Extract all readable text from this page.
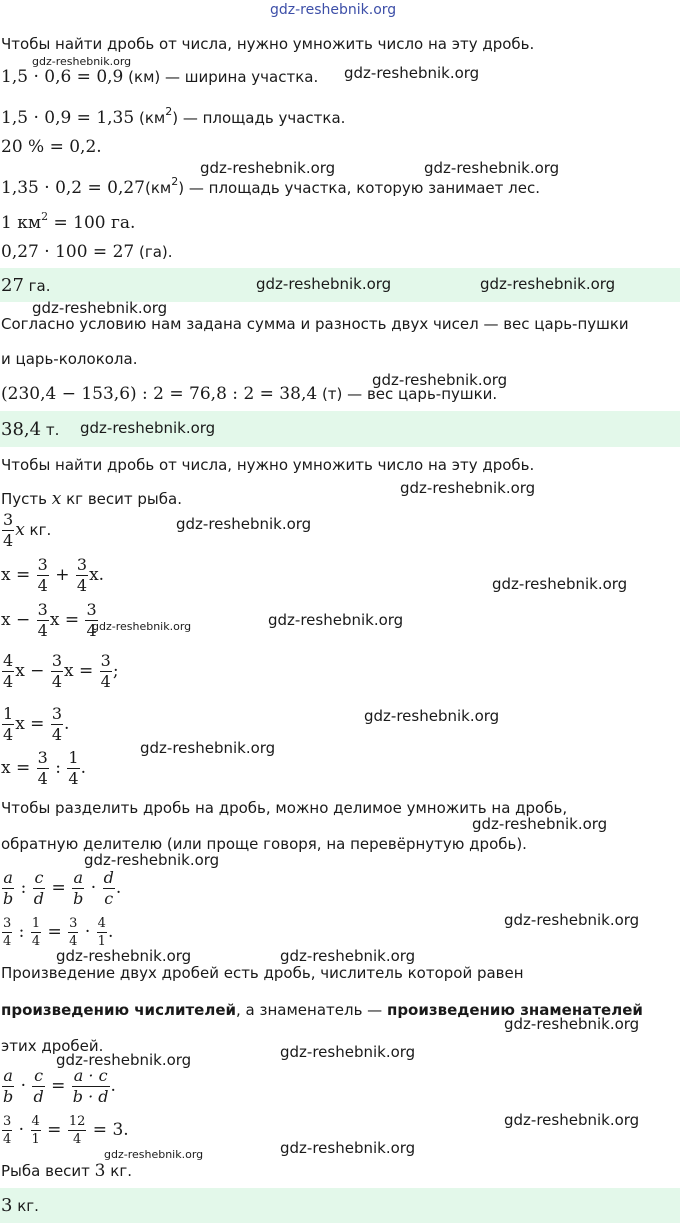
gdz-reshebnik.org
Чтобы найти дробь от числа, нужно умножить число на эту дробь.
1,5 · 0,6 = 0,9 (км) — ширина участка.
1,5 · 0,9 = 1,35 $(км^2)$ — площадь участка.
20 % = 0,2.
$1,35 \cdot 0,2 = 0,27(км^2)$ — площадь участка, которую занимает лес.
1 $км^2 = 100$ га.
0,27 · 100 = 27 (га).
27 га.
Согласно условию нам задана сумма и разность двух чисел — вес царь-пушки
и царь-колокола.
(230,4 − 153,6) : 2 = 76,8 : 2 = 38,4 (т) — вес царь-пушки.
38,4 т.
Чтобы найти дробь от числа, нужно умножить число на эту дробь.
Пусть x кг весит рыба.
$\frac{3}{4}$ x кг.
$x = \frac{3}{4} + \frac{3}{4} x$.
$x - \frac{3}{4}$ $x = \frac{3}{4}$
$\frac{4}{4}$ $x - \frac{3}{4}$ $x = \frac{3}{4}$ ;
$\frac{1}{4}$ $x = \frac{3}{4}$ .
$x = \frac{3}{4}$ : $\frac{1}{4}$ .
Чтобы разделить дробь на дробь, можно делимое умножить на дробь,
обратную делителю (или проще говоря, на перевёрнутую дробь).
$\frac{a}{b}$ : $\frac{c}{d} = \frac{a}{b} \cdot \frac{d}{c}$ .
$\frac{3}{4}$ : $\frac{1}{4} = \frac{3}{4} \cdot \frac{4}{1}$ .
Произведение двух дробей есть дробь, числитель которой равен
произведению числителей, а знаменатель — произведению знаменателей
этих дробей.
$\frac{a}{b} \cdot \frac{c}{d} = \frac{a \cdot c}{b \cdot d}$ .
$\frac{3}{4} \cdot \frac{4}{1} = \frac{12}{4} = 3$.
Рыба весит 3 кг.
3 кг.
gdz-reshebnik.org
gdz-reshebnik.org
gdz-reshebnik.org	gdz-reshebnik.org
gdz-reshebnik.org	gdz-reshebnik.org
gdz-reshebnik.org
gdz-reshebnik.org
gdz-reshebnik.org
gdz-reshebnik.org
gdz-reshebnik.org
gdz-reshebnik.org
gdz-reshebnik.org	gdz-reshebnik.org
gdz-reshebnik.org
gdz-reshebnik.org
gdz-reshebnik.org
gdz-reshebnik.org
gdz-reshebnik.org
gdz-reshebnik.org	gdz-reshebnik.org
gdz-reshebnik.org
gdz-reshebnik.org
gdz-reshebnik.org
gdz-reshebnik.org
gdz-reshebnik.org	gdz-reshebnik.org
